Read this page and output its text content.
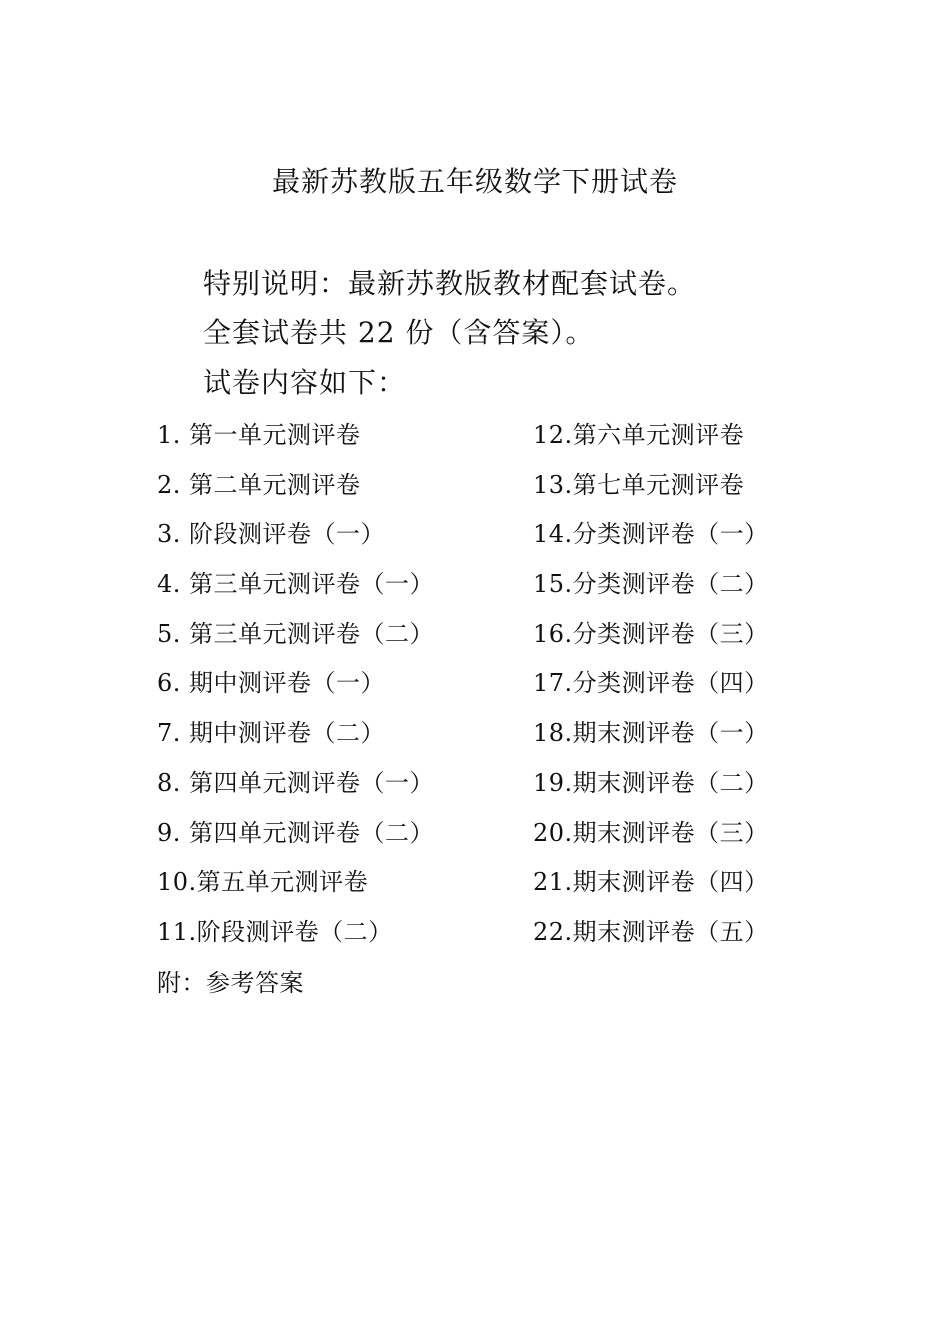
最新苏教版五年级数学下册试卷
特别说明：最新苏教版教材配套试卷。
全套试卷共 22 份（含答案）。
试卷内容如下：
1. 第一单元测评卷	12.第六单元测评卷
2. 第二单元测评卷	13.第七单元测评卷
3. 阶段测评卷（一）	14.分类测评卷（一）
4. 第三单元测评卷（一）	15.分类测评卷（二）
5. 第三单元测评卷（二）	16.分类测评卷（三）
6. 期中测评卷（一）	17.分类测评卷（四）
7. 期中测评卷（二）	18.期末测评卷（一）
8. 第四单元测评卷（一）	19.期末测评卷（二）
9. 第四单元测评卷（二）	20.期末测评卷（三）
10.第五单元测评卷	21.期末测评卷（四）
11.阶段测评卷（二）	22.期末测评卷（五）
附：参考答案
